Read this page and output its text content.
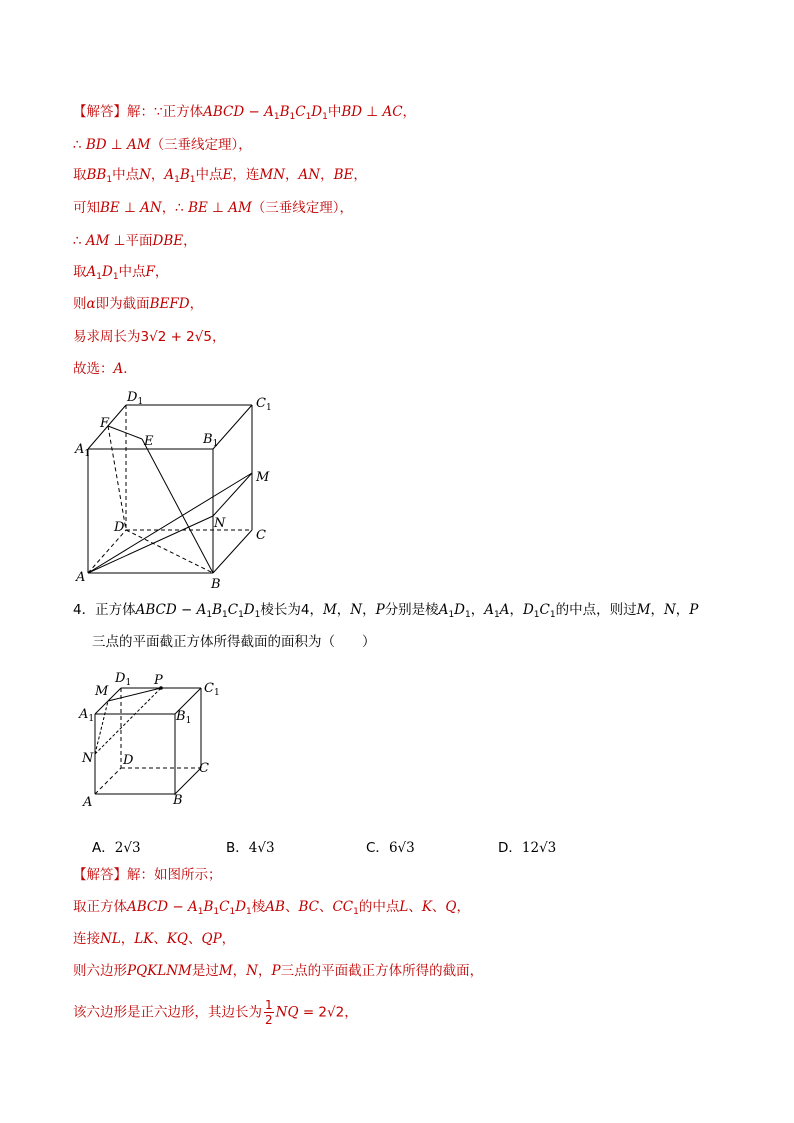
【解答】解：∵正方体ABCD − $A_1B_1C_1D_1$中BD ⊥ AC，
∴ BD ⊥ AM（三垂线定理），
取$BB_1$中点N，$A_1B_1$中点E，连MN，AN，BE，
可知BE ⊥ AN，∴ BE ⊥ AM（三垂线定理），
∴ AM ⊥平面DBE，
取$A_1D_1$中点F，
则α即为截面BEFD，
易求周长为3√2 + 2√5，
故选：A．
$D_1$	$C_1$
$A_1$
$B_1$
F
E
M
N
D
C
A	B
4．正方体ABCD − $A_1B_1C_1D_1$棱长为4，M，N，P分别是棱$A_1D_1$，$A_1A$，$D_1C_1$的中点，则过M，N，P
三点的平面截正方体所得截面的面积为（　　）
M
$D_1$ P
$C_1$
$A_1$	$B_1$
N D
C
A	B
A．2√3	B．4√3	C．6√3	D．12√3
【解答】解：如图所示；
取正方体ABCD − $A_1B_1C_1D_1$棱AB、BC、$CC_1$的中点L、K、Q，
连接NL，LK、KQ、QP，
则六边形PQKLNM是过M，N，P三点的平面截正方体所得的截面，
该六边形是正六边形，其边长为 $\frac{1}{2}$ NQ = 2√2，
